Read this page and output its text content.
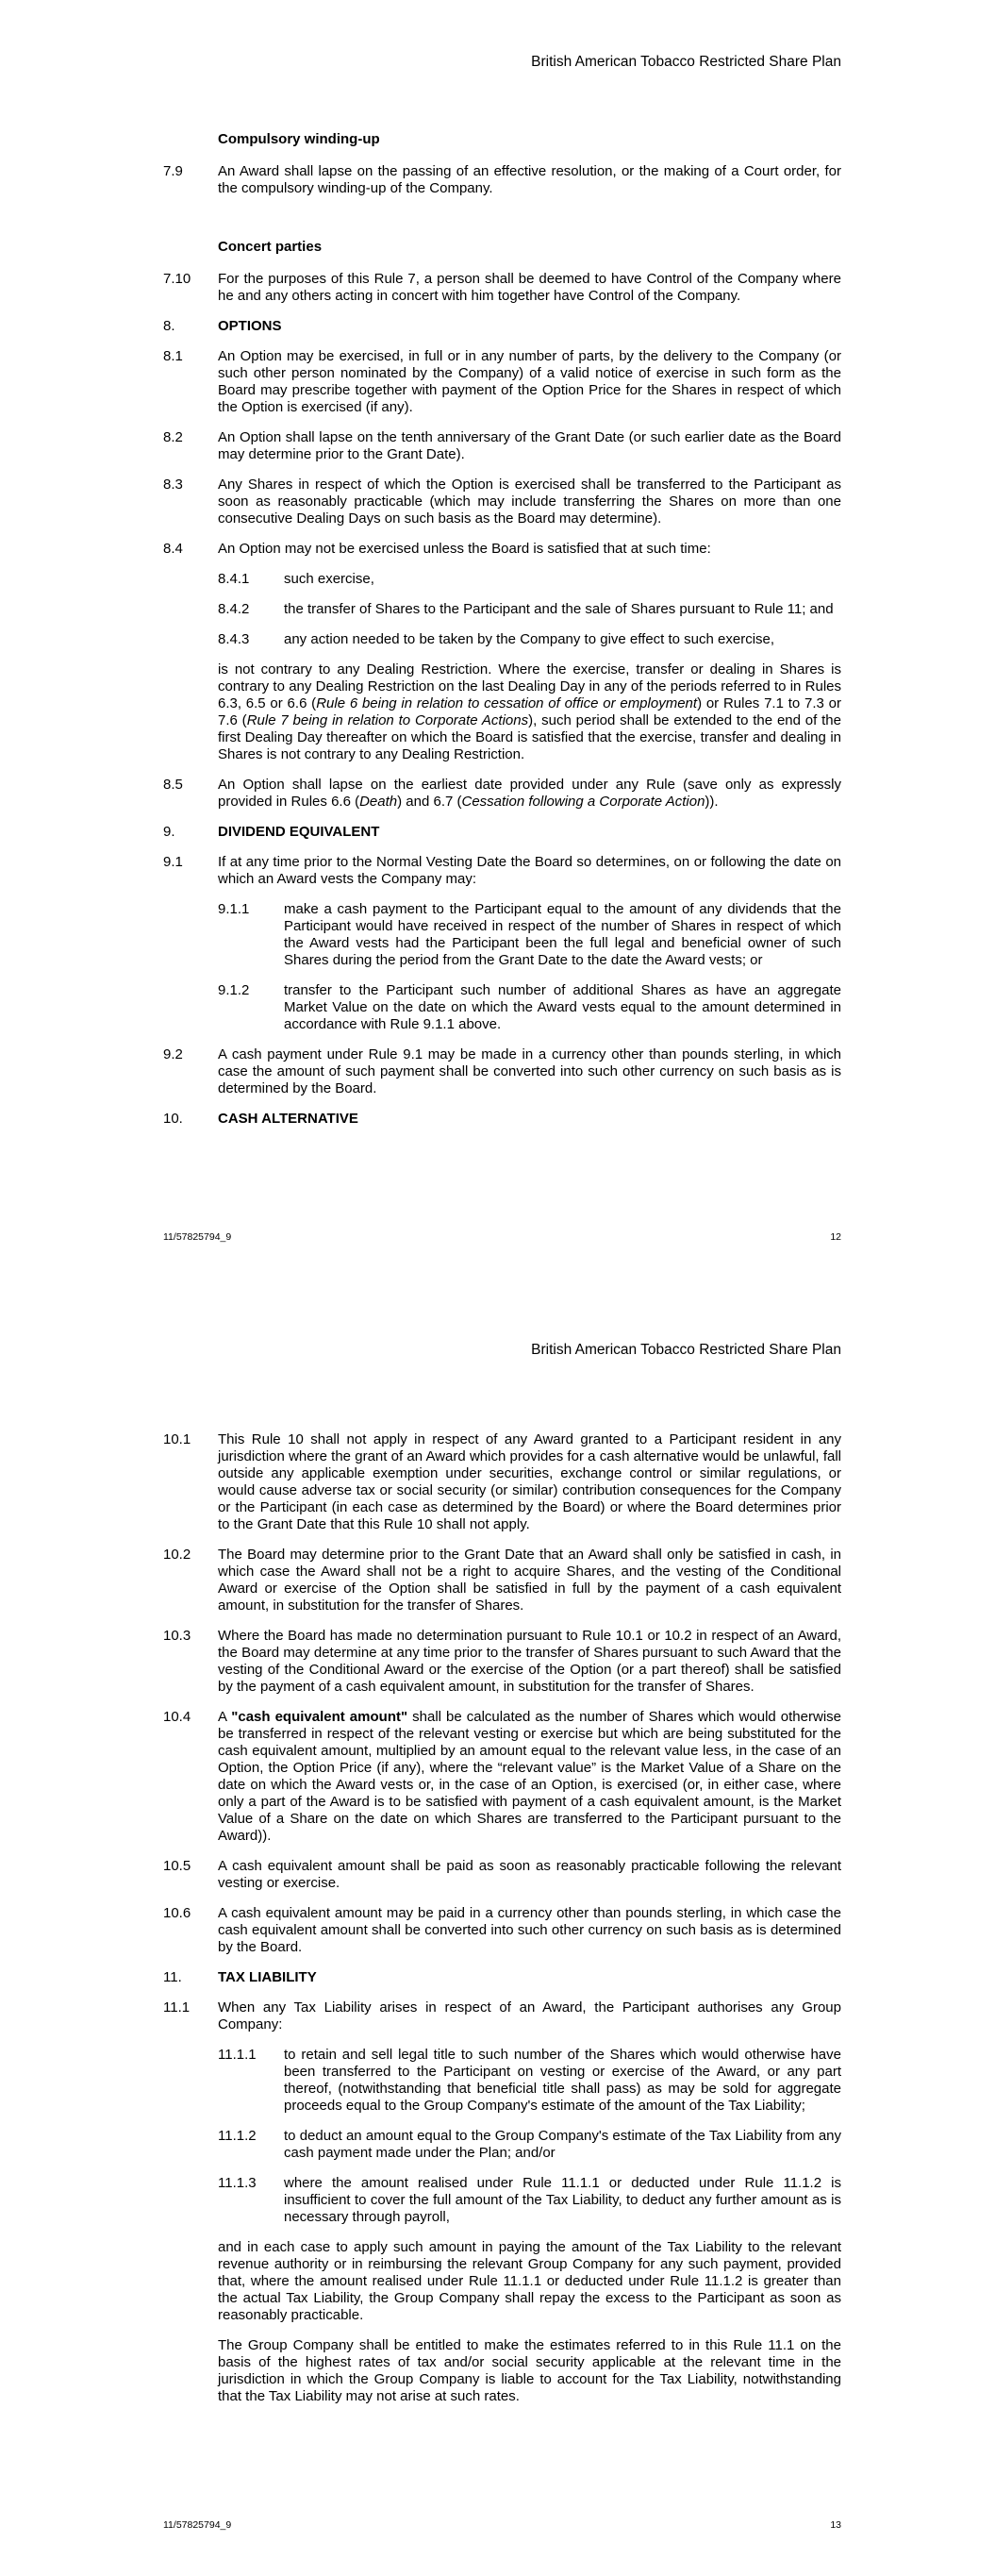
British American Tobacco Restricted Share Plan
Compulsory winding-up
7.9	An Award shall lapse on the passing of an effective resolution, or the making of a Court order, for the compulsory winding-up of the Company.
Concert parties
7.10	For the purposes of this Rule 7, a person shall be deemed to have Control of the Company where he and any others acting in concert with him together have Control of the Company.
8.	OPTIONS
8.1	An Option may be exercised, in full or in any number of parts, by the delivery to the Company (or such other person nominated by the Company) of a valid notice of exercise in such form as the Board may prescribe together with payment of the Option Price for the Shares in respect of which the Option is exercised (if any).
8.2	An Option shall lapse on the tenth anniversary of the Grant Date (or such earlier date as the Board may determine prior to the Grant Date).
8.3	Any Shares in respect of which the Option is exercised shall be transferred to the Participant as soon as reasonably practicable (which may include transferring the Shares on more than one consecutive Dealing Days on such basis as the Board may determine).
8.4	An Option may not be exercised unless the Board is satisfied that at such time:
8.4.1	such exercise,
8.4.2	the transfer of Shares to the Participant and the sale of Shares pursuant to Rule 11; and
8.4.3	any action needed to be taken by the Company to give effect to such exercise,
is not contrary to any Dealing Restriction. Where the exercise, transfer or dealing in Shares is contrary to any Dealing Restriction on the last Dealing Day in any of the periods referred to in Rules 6.3, 6.5 or 6.6 (Rule 6 being in relation to cessation of office or employment) or Rules 7.1 to 7.3 or 7.6 (Rule 7 being in relation to Corporate Actions), such period shall be extended to the end of the first Dealing Day thereafter on which the Board is satisfied that the exercise, transfer and dealing in Shares is not contrary to any Dealing Restriction.
8.5	An Option shall lapse on the earliest date provided under any Rule (save only as expressly provided in Rules 6.6 (Death) and 6.7 (Cessation following a Corporate Action)).
9.	DIVIDEND EQUIVALENT
9.1	If at any time prior to the Normal Vesting Date the Board so determines, on or following the date on which an Award vests the Company may:
9.1.1	make a cash payment to the Participant equal to the amount of any dividends that the Participant would have received in respect of the number of Shares in respect of which the Award vests had the Participant been the full legal and beneficial owner of such Shares during the period from the Grant Date to the date the Award vests; or
9.1.2	transfer to the Participant such number of additional Shares as have an aggregate Market Value on the date on which the Award vests equal to the amount determined in accordance with Rule 9.1.1 above.
9.2	A cash payment under Rule 9.1 may be made in a currency other than pounds sterling, in which case the amount of such payment shall be converted into such other currency on such basis as is determined by the Board.
10.	CASH ALTERNATIVE
11/57825794_9	12
British American Tobacco Restricted Share Plan
10.1	This Rule 10 shall not apply in respect of any Award granted to a Participant resident in any jurisdiction where the grant of an Award which provides for a cash alternative would be unlawful, fall outside any applicable exemption under securities, exchange control or similar regulations, or would cause adverse tax or social security (or similar) contribution consequences for the Company or the Participant (in each case as determined by the Board) or where the Board determines prior to the Grant Date that this Rule 10 shall not apply.
10.2	The Board may determine prior to the Grant Date that an Award shall only be satisfied in cash, in which case the Award shall not be a right to acquire Shares, and the vesting of the Conditional Award or exercise of the Option shall be satisfied in full by the payment of a cash equivalent amount, in substitution for the transfer of Shares.
10.3	Where the Board has made no determination pursuant to Rule 10.1 or 10.2 in respect of an Award, the Board may determine at any time prior to the transfer of Shares pursuant to such Award that the vesting of the Conditional Award or the exercise of the Option (or a part thereof) shall be satisfied by the payment of a cash equivalent amount, in substitution for the transfer of Shares.
10.4	A "cash equivalent amount" shall be calculated as the number of Shares which would otherwise be transferred in respect of the relevant vesting or exercise but which are being substituted for the cash equivalent amount, multiplied by an amount equal to the relevant value less, in the case of an Option, the Option Price (if any), where the “relevant value” is the Market Value of a Share on the date on which the Award vests or, in the case of an Option, is exercised (or, in either case, where only a part of the Award is to be satisfied with payment of a cash equivalent amount, is the Market Value of a Share on the date on which Shares are transferred to the Participant pursuant to the Award)).
10.5	A cash equivalent amount shall be paid as soon as reasonably practicable following the relevant vesting or exercise.
10.6	A cash equivalent amount may be paid in a currency other than pounds sterling, in which case the cash equivalent amount shall be converted into such other currency on such basis as is determined by the Board.
11.	TAX LIABILITY
11.1	When any Tax Liability arises in respect of an Award, the Participant authorises any Group Company:
11.1.1	to retain and sell legal title to such number of the Shares which would otherwise have been transferred to the Participant on vesting or exercise of the Award, or any part thereof, (notwithstanding that beneficial title shall pass) as may be sold for aggregate proceeds equal to the Group Company's estimate of the amount of the Tax Liability;
11.1.2	to deduct an amount equal to the Group Company's estimate of the Tax Liability from any cash payment made under the Plan; and/or
11.1.3	where the amount realised under Rule 11.1.1 or deducted under Rule 11.1.2 is insufficient to cover the full amount of the Tax Liability, to deduct any further amount as is necessary through payroll,
and in each case to apply such amount in paying the amount of the Tax Liability to the relevant revenue authority or in reimbursing the relevant Group Company for any such payment, provided that, where the amount realised under Rule 11.1.1 or deducted under Rule 11.1.2 is greater than the actual Tax Liability, the Group Company shall repay the excess to the Participant as soon as reasonably practicable.
The Group Company shall be entitled to make the estimates referred to in this Rule 11.1 on the basis of the highest rates of tax and/or social security applicable at the relevant time in the jurisdiction in which the Group Company is liable to account for the Tax Liability, notwithstanding that the Tax Liability may not arise at such rates.
11/57825794_9	13
